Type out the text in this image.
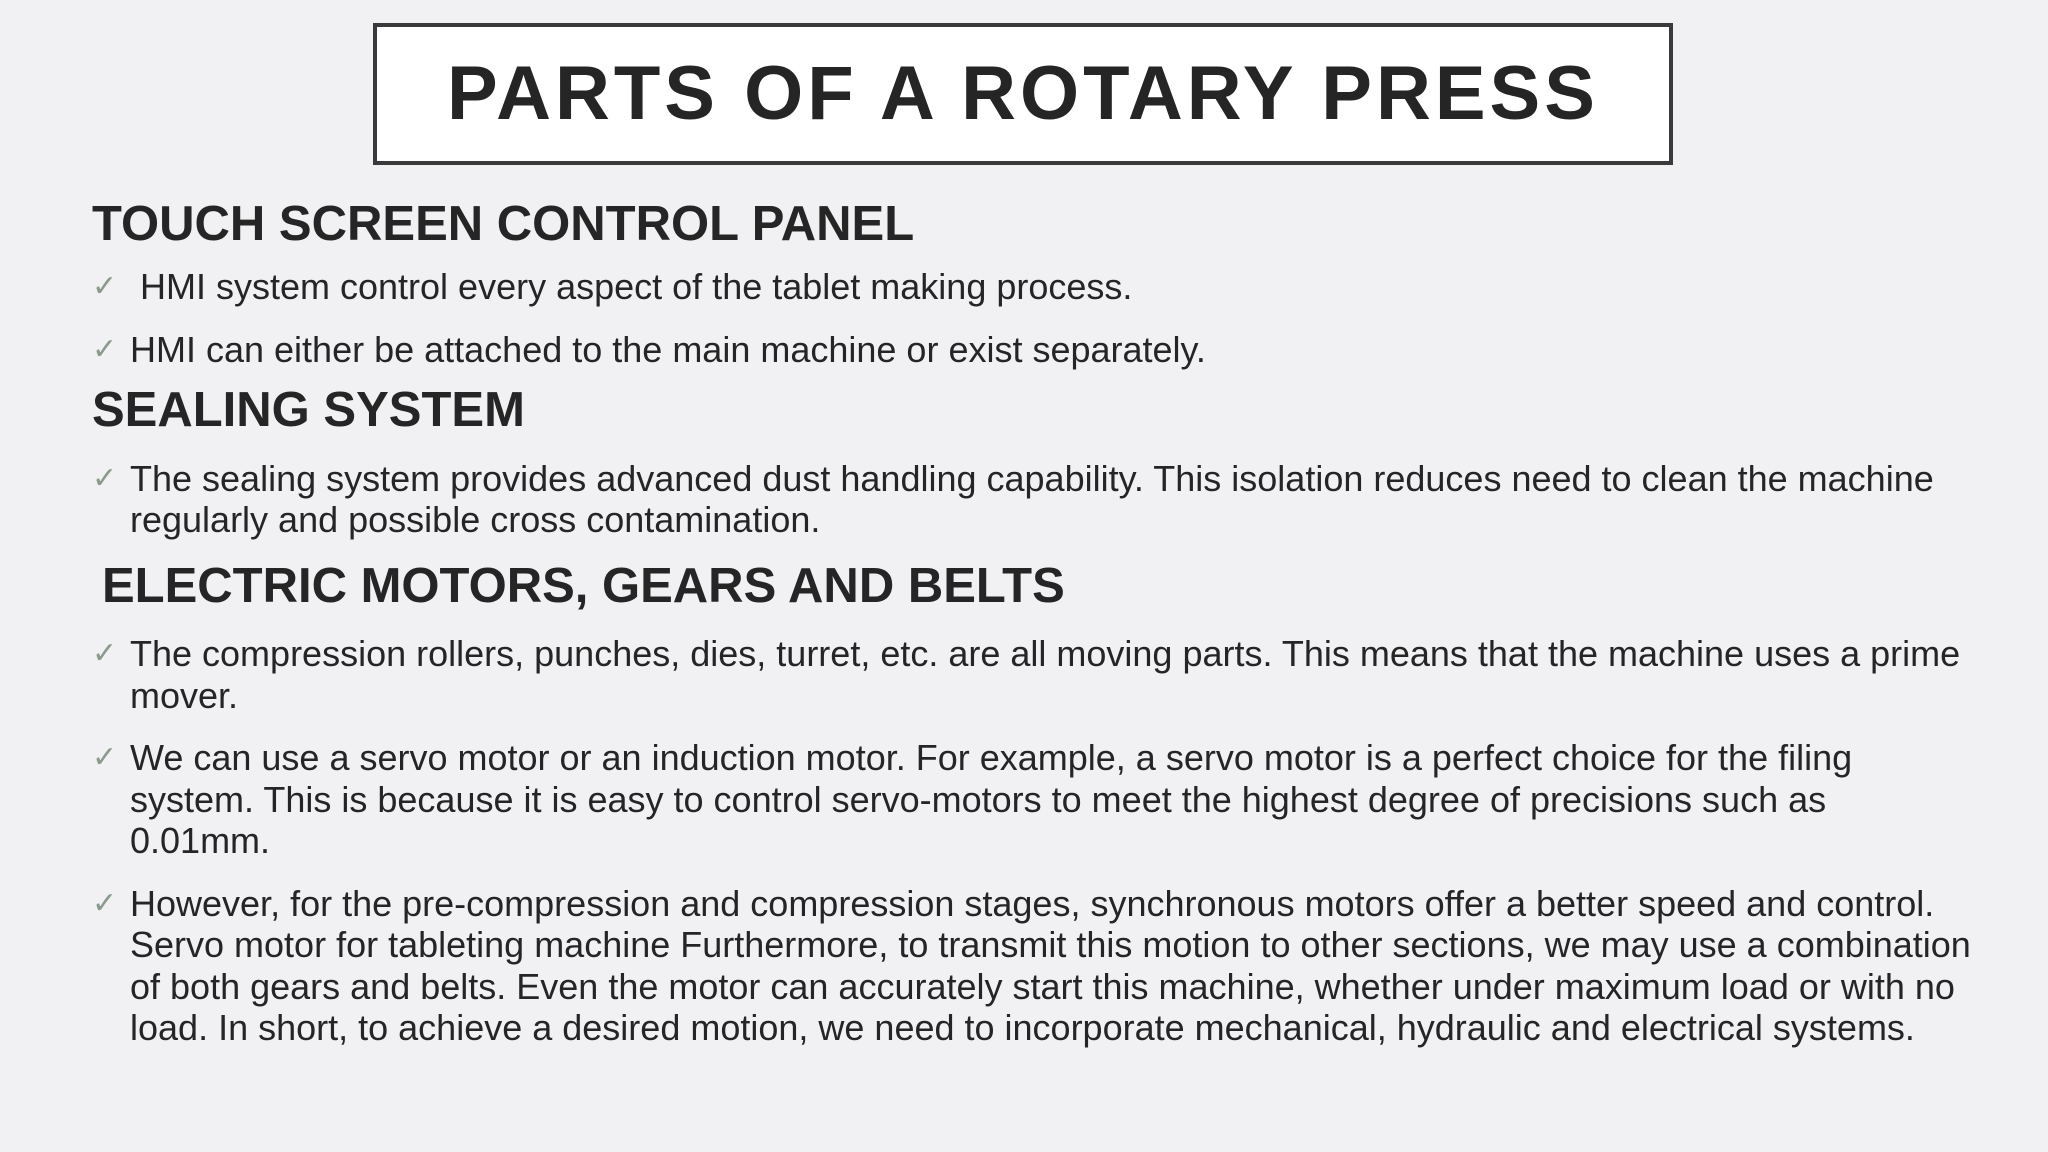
PARTS OF A ROTARY PRESS
TOUCH SCREEN CONTROL PANEL
✓ HMI system control every aspect of the tablet making process.
✓ HMI can either be attached to the main machine or exist separately.
SEALING SYSTEM
✓ The sealing system provides advanced dust handling capability. This isolation reduces need to clean the machine regularly and possible cross contamination.
ELECTRIC MOTORS, GEARS AND BELTS
✓ The compression rollers, punches, dies, turret, etc. are all moving parts. This means that the machine uses a prime mover.
✓ We can use a servo motor or an induction motor. For example, a servo motor is a perfect choice for the filing system. This is because it is easy to control servo-motors to meet the highest degree of precisions such as 0.01mm.
✓ However, for the pre-compression and compression stages, synchronous motors offer a better speed and control. Servo motor for tableting machine Furthermore, to transmit this motion to other sections, we may use a combination of both gears and belts. Even the motor can accurately start this machine, whether under maximum load or with no load. In short, to achieve a desired motion, we need to incorporate mechanical, hydraulic and electrical systems.
